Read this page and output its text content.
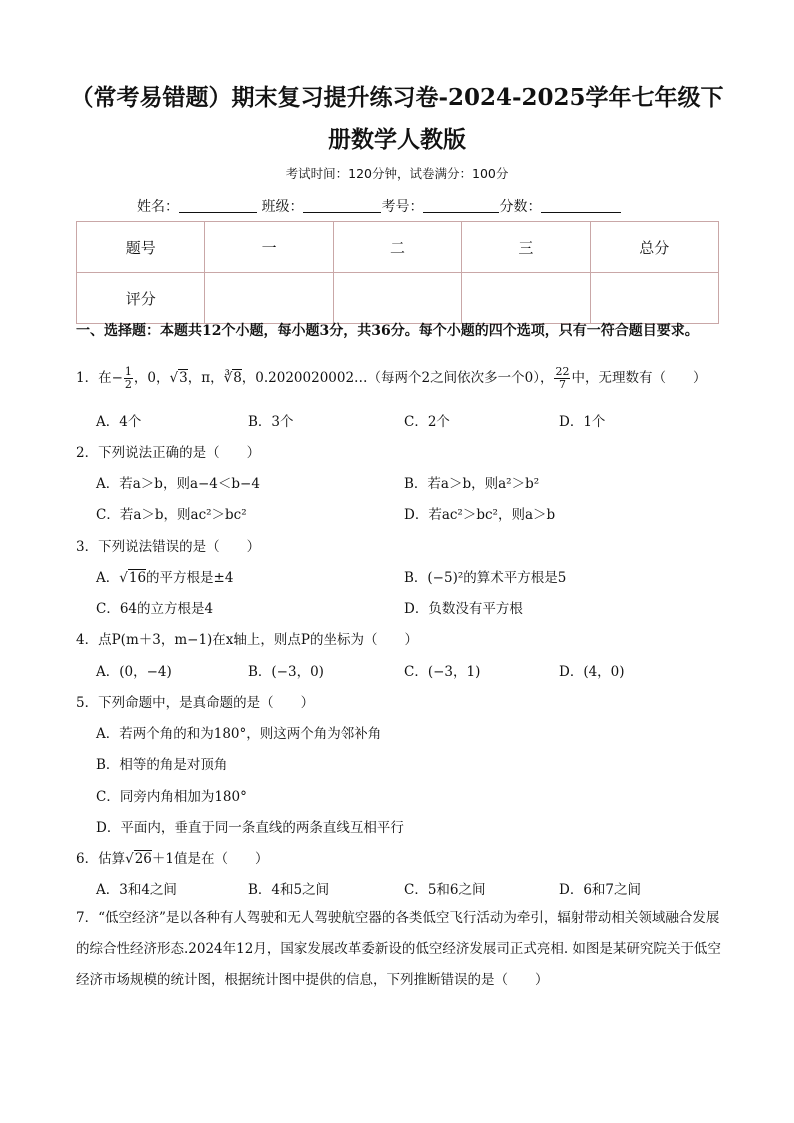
（常考易错题）期末复习提升练习卷-2024-2025学年七年级下
册数学人教版
考试时间：120分钟，试卷满分：100分
姓名：	班级：	考号：	分数：
题号	一	二	三	总分
评分				
一、选择题：本题共12个小题，每小题3分，共36分。每个小题的四个选项，只有一符合题目要求。
1．在− $\frac{1}{2}$ ，0，√3，π，∛8，0.2020020002…（每两个2之间依次多一个0）， $\frac{22}{7}$ 中，无理数有（　　）
A．4个	B．3个	C．2个	D．1个
2．下列说法正确的是（　　）
A．若a＞b，则a−4＜b−4	B．若a＞b，则a²＞b²
C．若a＞b，则ac²＞bc²	D．若ac²＞bc²，则a＞b
3．下列说法错误的是（　　）
A．√16的平方根是±4	B．(−5)²的算术平方根是5
C．64的立方根是4	D．负数没有平方根
4．点P(m＋3，m−1)在x轴上，则点P的坐标为（　　）
A．(0，−4)	B．(−3，0)	C．(−3，1)	D．(4，0)
5．下列命题中，是真命题的是（　　）
A．若两个角的和为180°，则这两个角为邻补角
B．相等的角是对顶角
C．同旁内角相加为180°
D．平面内，垂直于同一条直线的两条直线互相平行
6．估算√26＋1值是在（　　）
A．3和4之间	B．4和5之间	C．5和6之间	D．6和7之间
7．“低空经济”是以各种有人驾驶和无人驾驶航空器的各类低空飞行活动为牵引，辐射带动相关领域融合发展的综合性经济形态.2024年12月，国家发展改革委新设的低空经济发展司正式亮相. 如图是某研究院关于低空经济市场规模的统计图，根据统计图中提供的信息，下列推断错误的是（　　）
